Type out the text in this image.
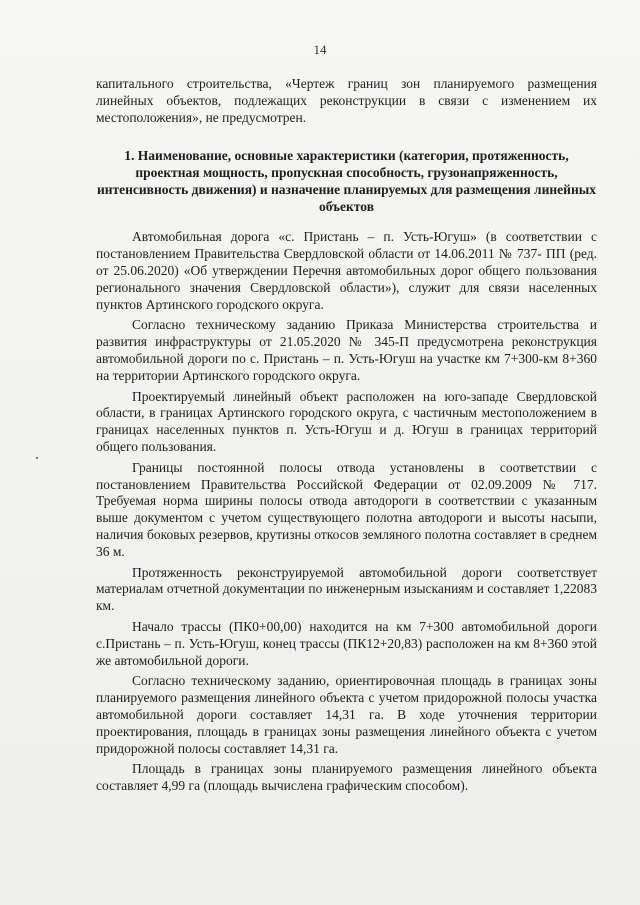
14

капитального строительства, «Чертеж границ зон планируемого размещения линейных объектов, подлежащих реконструкции в связи с изменением их местоположения», не предусмотрен.

1. Наименование, основные характеристики (категория, протяженность, проектная мощность, пропускная способность, грузонапряженность, интенсивность движения) и назначение планируемых для размещения линейных объектов

Автомобильная дорога «с. Пристань – п. Усть-Югуш» (в соответствии с постановлением Правительства Свердловской области от 14.06.2011 № 737- ПП (ред. от 25.06.2020) «Об утверждении Перечня автомобильных дорог общего пользования регионального значения Свердловской области»), служит для связи населенных пунктов Артинского городского округа.

Согласно техническому заданию Приказа Министерства строительства и развития инфраструктуры от 21.05.2020 № 345-П предусмотрена реконструкция автомобильной дороги по с. Пристань – п. Усть-Югуш на участке км 7+300-км 8+360 на территории Артинского городского округа.

Проектируемый линейный объект расположен на юго-западе Свердловской области, в границах Артинского городского округа, с частичным местоположением в границах населенных пунктов п. Усть-Югуш и д. Югуш в границах территорий общего пользования.

Границы постоянной полосы отвода установлены в соответствии с постановлением Правительства Российской Федерации от 02.09.2009 № 717. Требуемая норма ширины полосы отвода автодороги в соответствии с указанным выше документом с учетом существующего полотна автодороги и высоты насыпи, наличия боковых резервов, крутизны откосов земляного полотна составляет в среднем 36 м.

Протяженность реконструируемой автомобильной дороги соответствует материалам отчетной документации по инженерным изысканиям и составляет 1,22083 км.

Начало трассы (ПК0+00,00) находится на км 7+300 автомобильной дороги с.Пристань – п. Усть-Югуш, конец трассы (ПК12+20,83) расположен на км 8+360 этой же автомобильной дороги.

Согласно техническому заданию, ориентировочная площадь в границах зоны планируемого размещения линейного объекта с учетом придорожной полосы участка автомобильной дороги составляет 14,31 га. В ходе уточнения территории проектирования, площадь в границах зоны размещения линейного объекта с учетом придорожной полосы составляет 14,31 га.

Площадь в границах зоны планируемого размещения линейного объекта составляет 4,99 га (площадь вычислена графическим способом).
